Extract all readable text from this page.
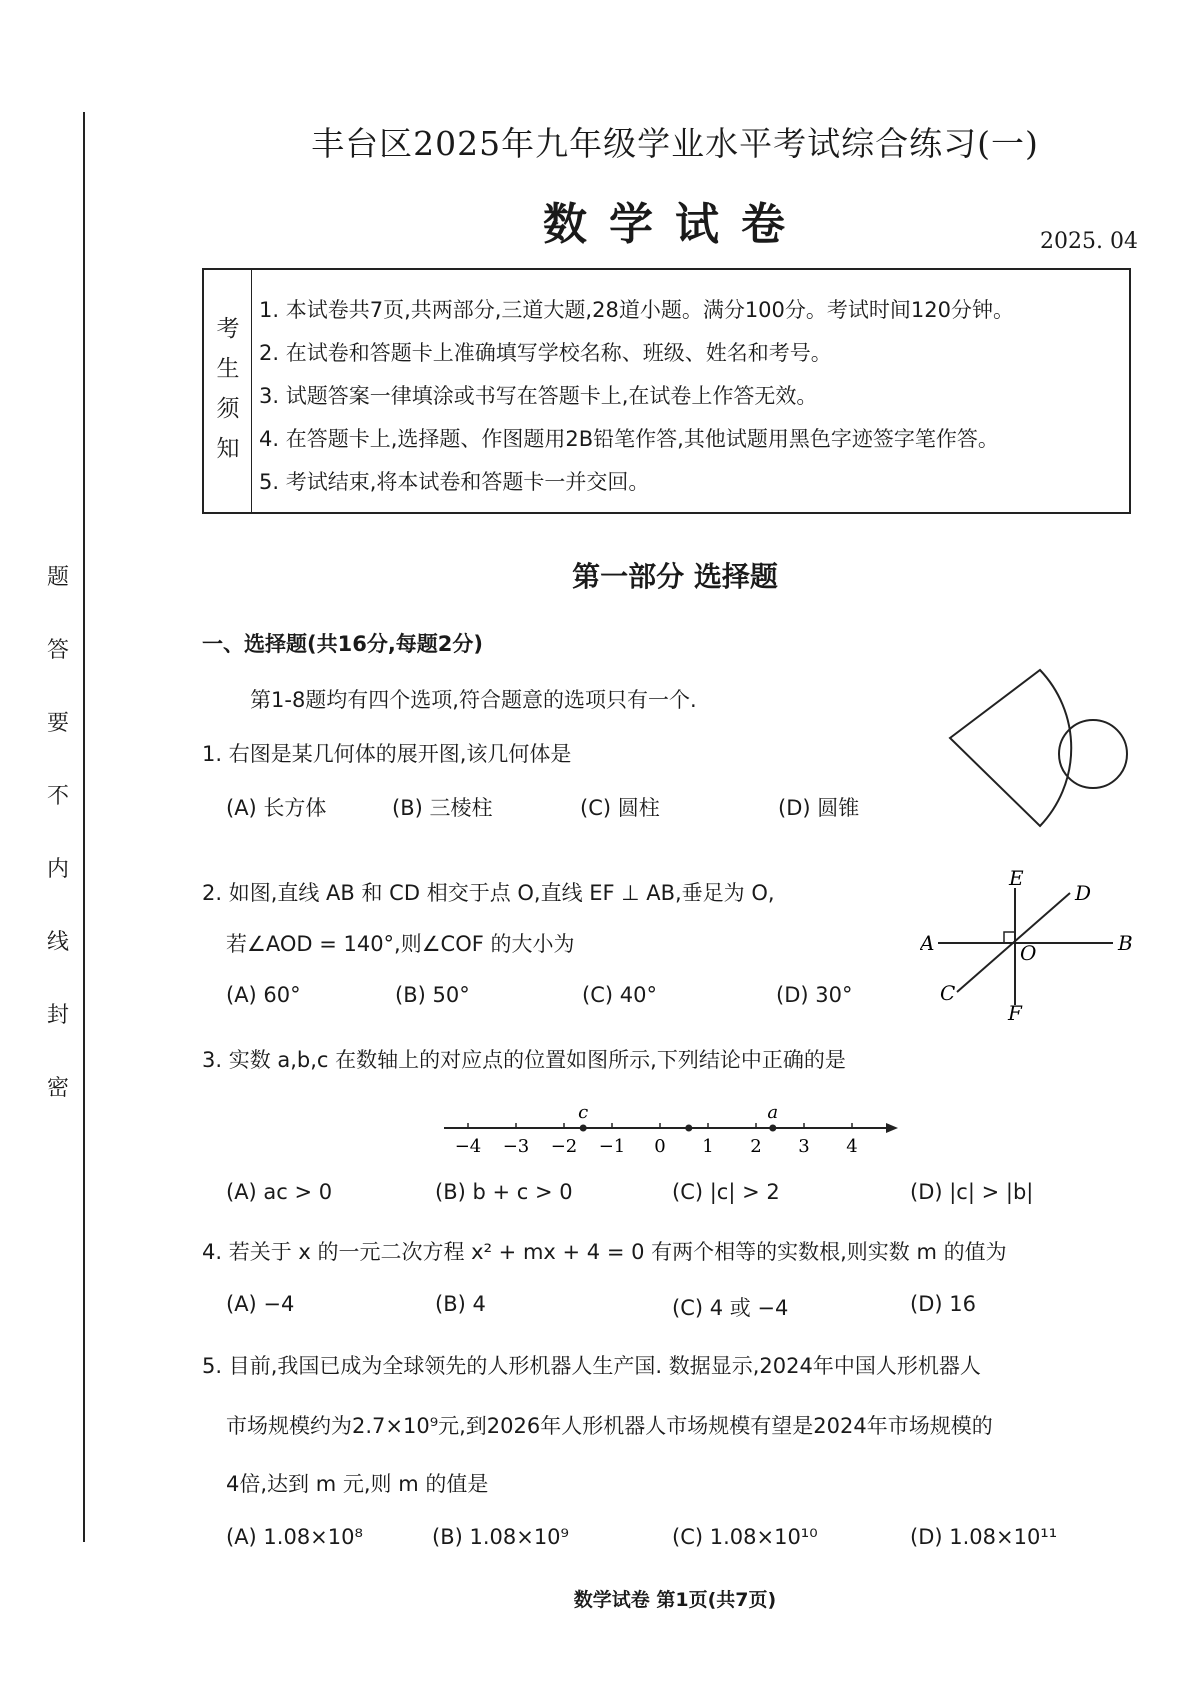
题
答
要
不
内
线
封
密
丰台区2025年九年级学业水平考试综合练习(一)
数学试卷	2025. 04
考
生
须
知
1. 本试卷共7页,共两部分,三道大题,28道小题。满分100分。考试时间120分钟。
2. 在试卷和答题卡上准确填写学校名称、班级、姓名和考号。
3. 试题答案一律填涂或书写在答题卡上,在试卷上作答无效。
4. 在答题卡上,选择题、作图题用2B铅笔作答,其他试题用黑色字迹签字笔作答。
5. 考试结束,将本试卷和答题卡一并交回。
第一部分 选择题
一、选择题(共16分,每题2分)
第1-8题均有四个选项,符合题意的选项只有一个.
1. 右图是某几何体的展开图,该几何体是
(A) 长方体	(B) 三棱柱	(C) 圆柱	(D) 圆锥
2. 如图,直线 AB 和 CD 相交于点 O,直线 EF ⊥ AB,垂足为 O,
若∠AOD = 140°,则∠COF 的大小为
(A) 60°	(B) 50°	(C) 40°	(D) 30°
E
D
A	B
O
C
F
3. 实数 a,b,c 在数轴上的对应点的位置如图所示,下列结论中正确的是
−4 −3 −2 −1 0 1 2 3 4
c	a
(A) ac > 0	(B) b + c > 0	(C) |c| > 2	(D) |c| > |b|
4. 若关于 x 的一元二次方程 x² + mx + 4 = 0 有两个相等的实数根,则实数 m 的值为
(A) −4	(B) 4	(C) 4 或 −4	(D) 16
5. 目前,我国已成为全球领先的人形机器人生产国. 数据显示,2024年中国人形机器人
市场规模约为2.7×10⁹元,到2026年人形机器人市场规模有望是2024年市场规模的
4倍,达到 m 元,则 m 的值是
(A) 1.08×10⁸	(B) 1.08×10⁹	(C) 1.08×10¹⁰	(D) 1.08×10¹¹
数学试卷 第1页(共7页)
